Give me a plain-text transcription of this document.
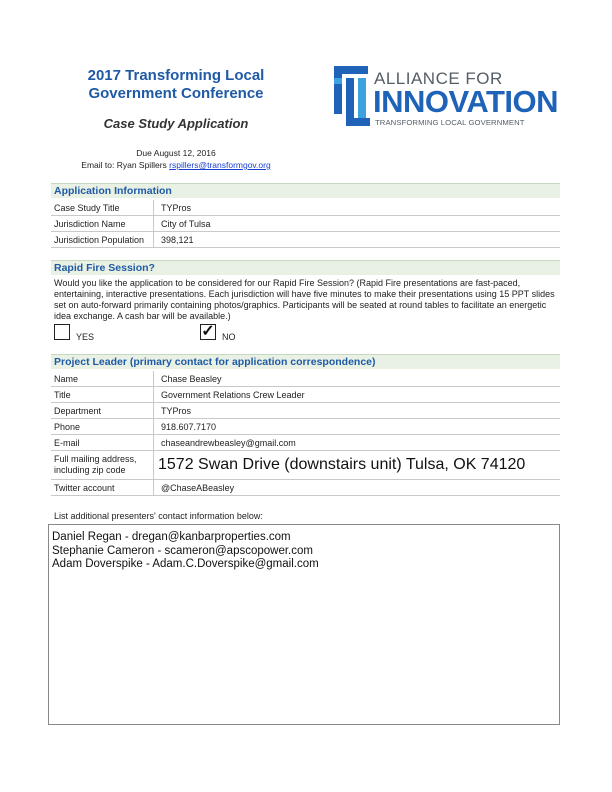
2017 Transforming Local
Government Conference
Case Study Application
Due August 12, 2016
Email to: Ryan Spillers rspillers@transformgov.org
ALLIANCE FOR
INNOVATION
TRANSFORMING LOCAL GOVERNMENT
Application Information
Case Study Title	TYPros
Jurisdiction Name	City of Tulsa
Jurisdiction Population	398,121
Rapid Fire Session?
Would you like the application to be considered for our Rapid Fire Session? (Rapid Fire presentations are fast-paced, entertaining, interactive presentations. Each jurisdiction will have five minutes to make their presentations using 15 PPT slides set on auto-forward primarily containing photos/graphics. Participants will be seated at round tables to facilitate an energetic idea exchange. A cash bar will be available.)
YES	✓ NO
Project Leader (primary contact for application correspondence)
Name	Chase Beasley
Title	Government Relations Crew Leader
Department	TYPros
Phone	918.607.7170
E-mail	chaseandrewbeasley@gmail.com
Full mailing address, including zip code	1572 Swan Drive (downstairs unit) Tulsa, OK 74120
Twitter account	@ChaseABeasley
List additional presenters' contact information below:
Daniel Regan - dregan@kanbarproperties.com
Stephanie Cameron - scameron@apscopower.com
Adam Doverspike - Adam.C.Doverspike@gmail.com
